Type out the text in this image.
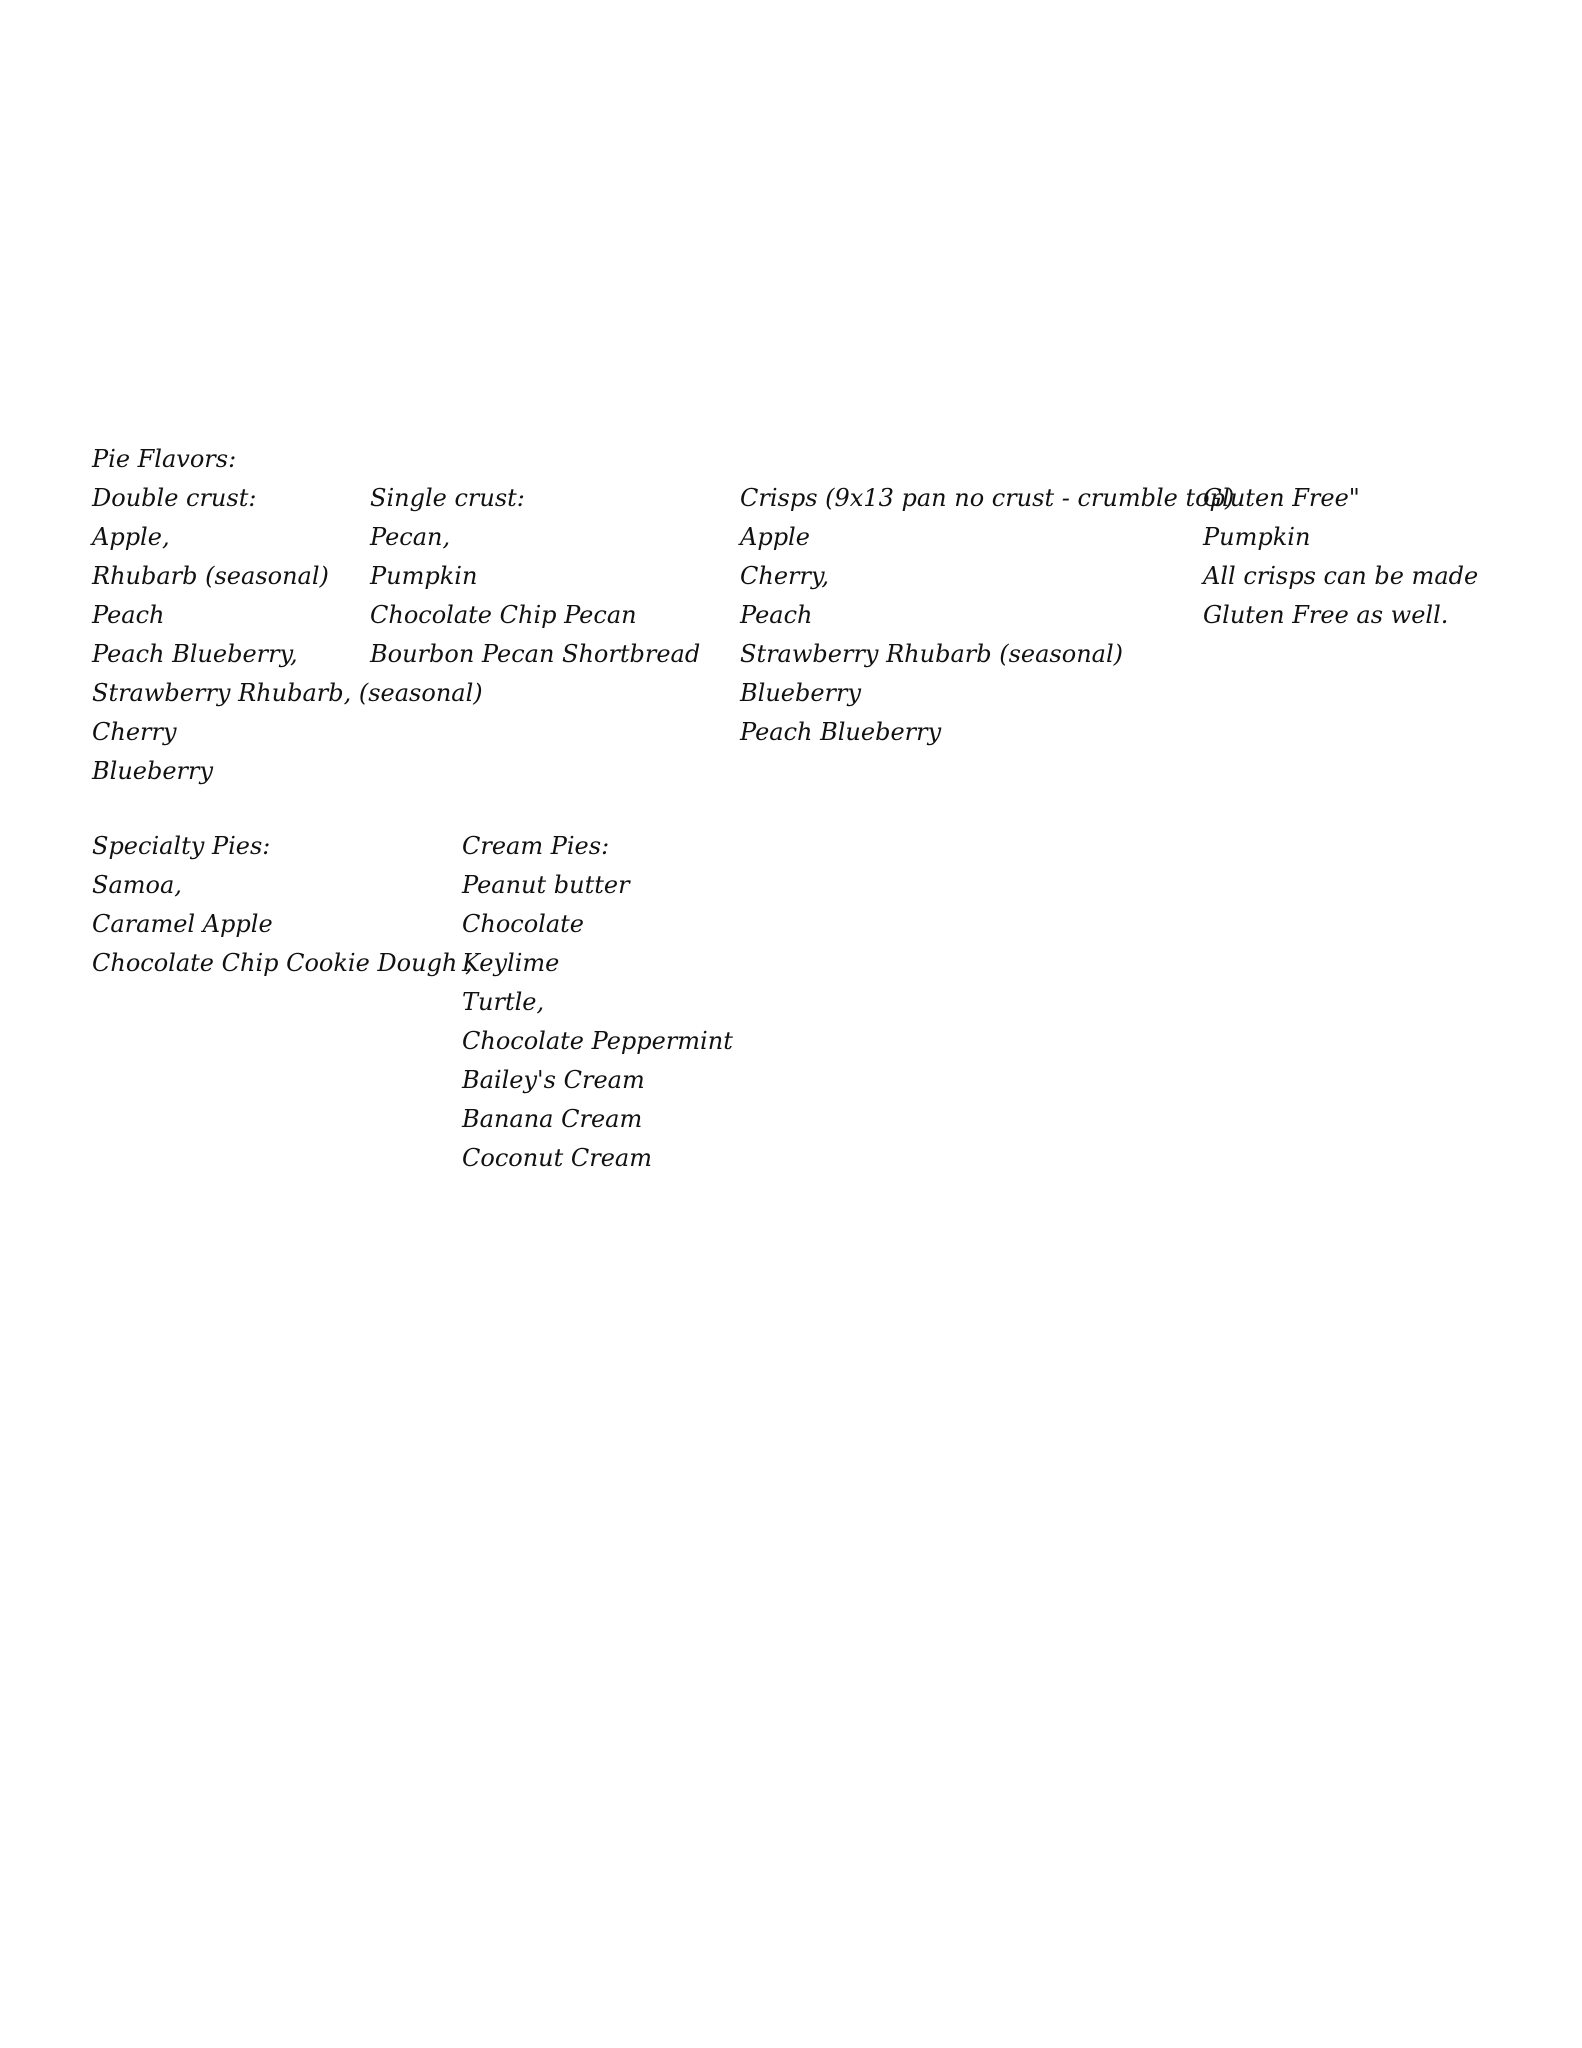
Pie Flavors:
Double crust:
Apple,
Rhubarb (seasonal)
Peach
Peach Blueberry,
Strawberry Rhubarb, (seasonal)
Cherry
Blueberry
Single crust:
Pecan,
Pumpkin
Chocolate Chip Pecan
Bourbon Pecan Shortbread
Crisps (9x13 pan no crust - crumble top)
Apple
Cherry,
Peach
Strawberry Rhubarb (seasonal)
Blueberry
Peach Blueberry
Gluten Free"
Pumpkin
All crisps can be made
Gluten Free as well.
Specialty Pies:
Samoa,
Caramel Apple
Chocolate Chip Cookie Dough ,
Cream Pies:
Peanut butter
Chocolate
Keylime
Turtle,
Chocolate Peppermint
Bailey's Cream
Banana Cream
Coconut Cream
